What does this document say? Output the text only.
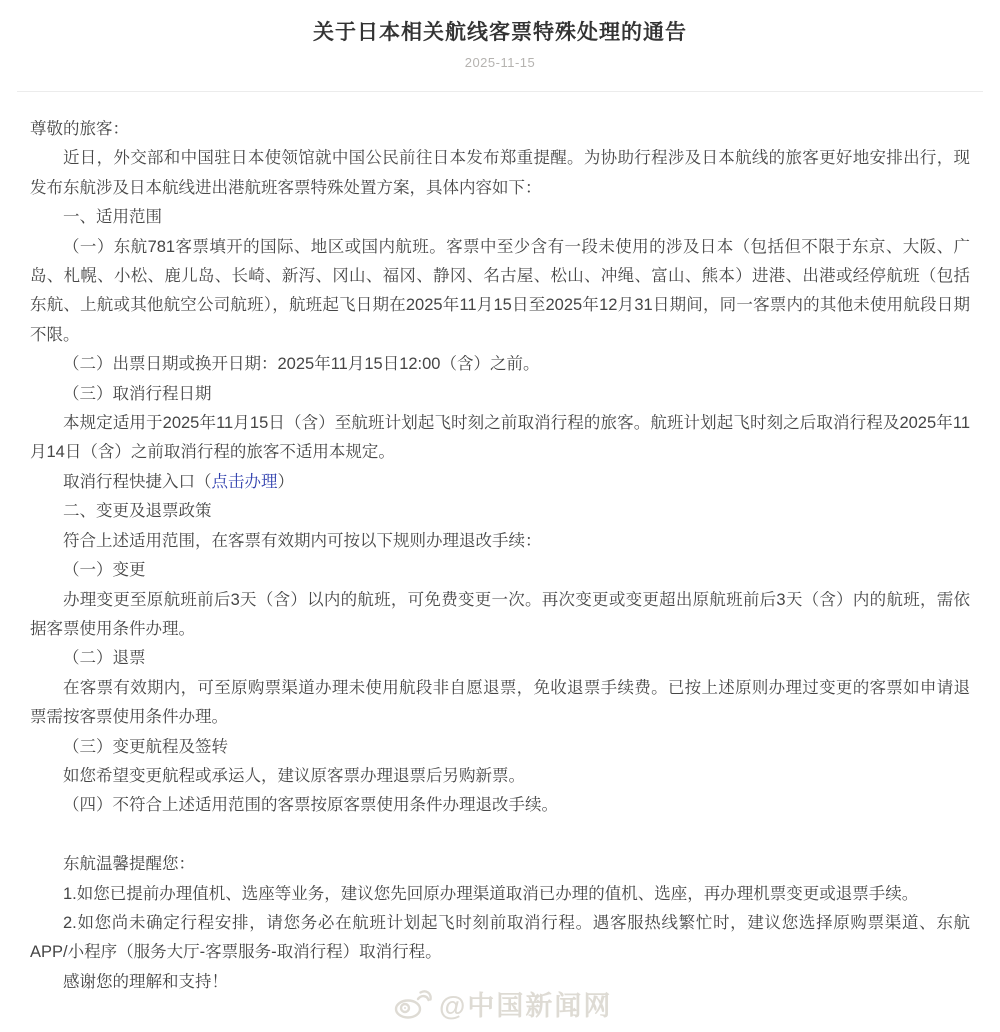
关于日本相关航线客票特殊处理的通告
2025-11-15

尊敬的旅客：

近日，外交部和中国驻日本使领馆就中国公民前往日本发布郑重提醒。为协助行程涉及日本航线的旅客更好地安排出行，现发布东航涉及日本航线进出港航班客票特殊处置方案，具体内容如下：

一、适用范围

（一）东航781客票填开的国际、地区或国内航班。客票中至少含有一段未使用的涉及日本（包括但不限于东京、大阪、广岛、札幌、小松、鹿儿岛、长崎、新泻、冈山、福冈、静冈、名古屋、松山、冲绳、富山、熊本）进港、出港或经停航班（包括东航、上航或其他航空公司航班），航班起飞日期在2025年11月15日至2025年12月31日期间，同一客票内的其他未使用航段日期不限。

（二）出票日期或换开日期：2025年11月15日12:00（含）之前。

（三）取消行程日期

本规定适用于2025年11月15日（含）至航班计划起飞时刻之前取消行程的旅客。航班计划起飞时刻之后取消行程及2025年11月14日（含）之前取消行程的旅客不适用本规定。

取消行程快捷入口（点击办理）

二、变更及退票政策

符合上述适用范围，在客票有效期内可按以下规则办理退改手续：

（一）变更

办理变更至原航班前后3天（含）以内的航班，可免费变更一次。再次变更或变更超出原航班前后3天（含）内的航班，需依据客票使用条件办理。

（二）退票

在客票有效期内，可至原购票渠道办理未使用航段非自愿退票，免收退票手续费。已按上述原则办理过变更的客票如申请退票需按客票使用条件办理。

（三）变更航程及签转

如您希望变更航程或承运人，建议原客票办理退票后另购新票。

（四）不符合上述适用范围的客票按原客票使用条件办理退改手续。

东航温馨提醒您：

1.如您已提前办理值机、选座等业务，建议您先回原办理渠道取消已办理的值机、选座，再办理机票变更或退票手续。

2.如您尚未确定行程安排，请您务必在航班计划起飞时刻前取消行程。遇客服热线繁忙时，建议您选择原购票渠道、东航APP/小程序（服务大厅-客票服务-取消行程）取消行程。

感谢您的理解和支持！

@中国新闻网
